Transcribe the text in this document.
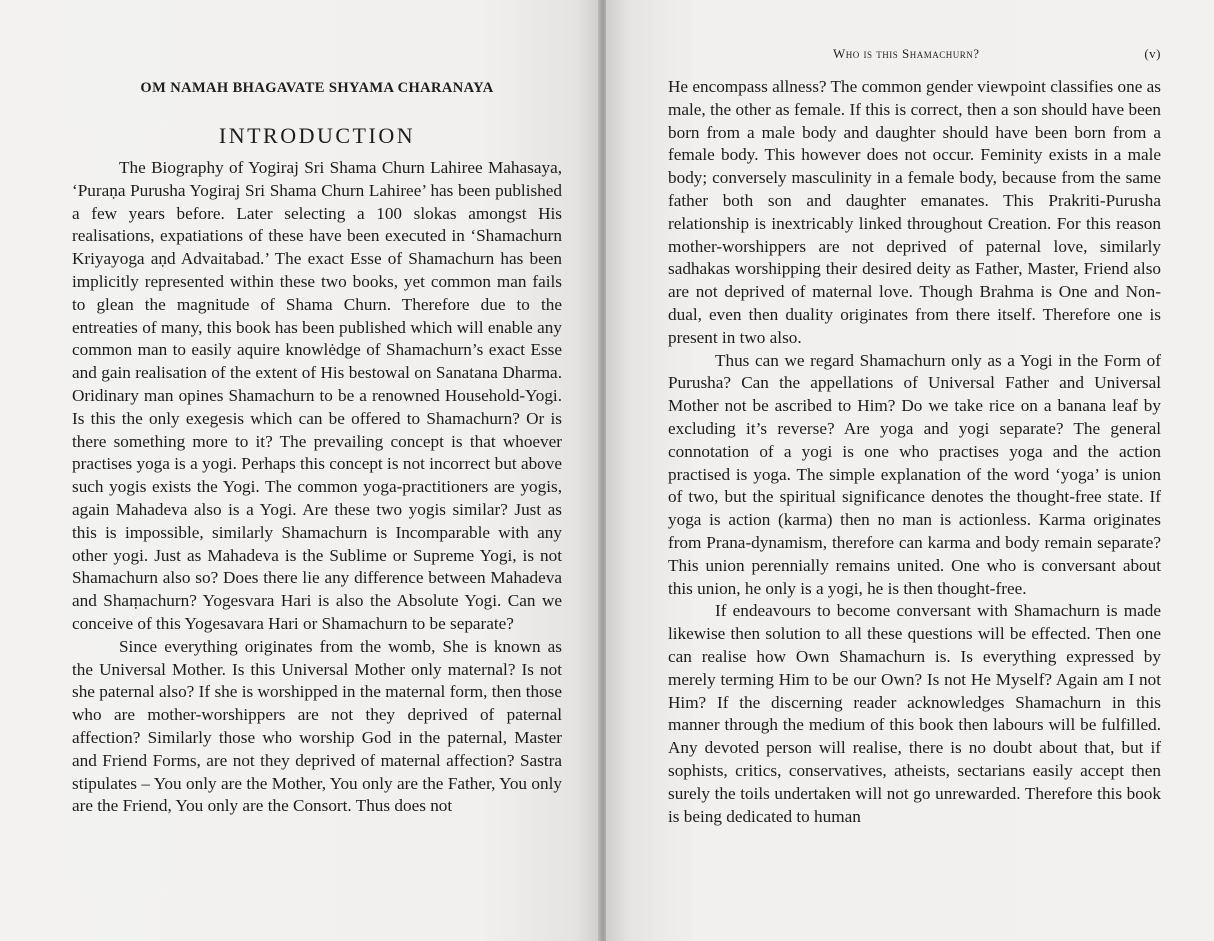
OM NAMAH BHAGAVATE SHYAMA CHARANAYA
INTRODUCTION

The Biography of Yogiraj Sri Shama Churn Lahiree Mahasaya, ‘Puraṇa Purusha Yogiraj Sri Shama Churn Lahiree’ has been published a few years before. Later selecting a 100 slokas amongst His realisations, expatiations of these have been executed in ‘Shamachurn Kriyayoga aṇd Advaitabad.’ The exact Esse of Shamachurn has been implicitly represented within these two books, yet common man fails to glean the magnitude of Shama Churn. Therefore due to the entreaties of many, this book has been published which will enable any common man to easily aquire knowlėdge of Shamachurn’s exact Esse and gain realisation of the extent of His bestowal on Sanatana Dharma. Oridinary man opines Shamachurn to be a renowned Household-Yogi. Is this the only exegesis which can be offered to Shamachurn? Or is there something more to it? The prevailing concept is that whoever practises yoga is a yogi. Perhaps this concept is not incorrect but above such yogis exists the Yogi. The common yoga-practitioners are yogis, again Mahadeva also is a Yogi. Are these two yogis similar? Just as this is impossible, similarly Shamachurn is Incomparable with any other yogi. Just as Mahadeva is the Sublime or Supreme Yogi, is not Shamachurn also so? Does there lie any difference between Mahadeva and Shaṃachurn? Yogesvara Hari is also the Absolute Yogi. Can we conceive of this Yogesavara Hari or Shamachurn to be separate?

Since everything originates from the womb, She is known as the Universal Mother. Is this Universal Mother only maternal? Is not she paternal also? If she is worshipped in the maternal form, then those who are mother-worshippers are not they deprived of paternal affection? Similarly those who worship God in the paternal, Master and Friend Forms, are not they deprived of maternal affection? Sastra stipulates – You only are the Mother, You only are the Father, You only are the Friend, You only are the Consort. Thus does not

Who is this Shamachurn?	(v)

He encompass allness? The common gender viewpoint classifies one as male, the other as female. If this is correct, then a son should have been born from a male body and daughter should have been born from a female body. This however does not occur. Feminity exists in a male body; conversely masculinity in a female body, because from the same father both son and daughter emanates. This Prakriti-Purusha relationship is inextricably linked throughout Creation. For this reason mother-worshippers are not deprived of paternal love, similarly sadhakas worshipping their desired deity as Father, Master, Friend also are not deprived of maternal love. Though Brahma is One and Non-dual, even then duality originates from there itself. Therefore one is present in two also.

Thus can we regard Shamachurn only as a Yogi in the Form of Purusha? Can the appellations of Universal Father and Universal Mother not be ascribed to Him? Do we take rice on a banana leaf by excluding it’s reverse? Are yoga and yogi separate? The general connotation of a yogi is one who practises yoga and the action practised is yoga. The simple explanation of the word ‘yoga’ is union of two, but the spiritual significance denotes the thought-free state. If yoga is action (karma) then no man is actionless. Karma originates from Prana-dynamism, therefore can karma and body remain separate? This union perennially remains united. One who is conversant about this union, he only is a yogi, he is then thought-free.

If endeavours to become conversant with Shamachurn is made likewise then solution to all these questions will be effected. Then one can realise how Own Shamachurn is. Is everything expressed by merely terming Him to be our Own? Is not He Myself? Again am I not Him? If the discerning reader acknowledges Shamachurn in this manner through the medium of this book then labours will be fulfilled. Any devoted person will realise, there is no doubt about that, but if sophists, critics, conservatives, atheists, sectarians easily accept then surely the toils undertaken will not go unrewarded. Therefore this book is being dedicated to human
